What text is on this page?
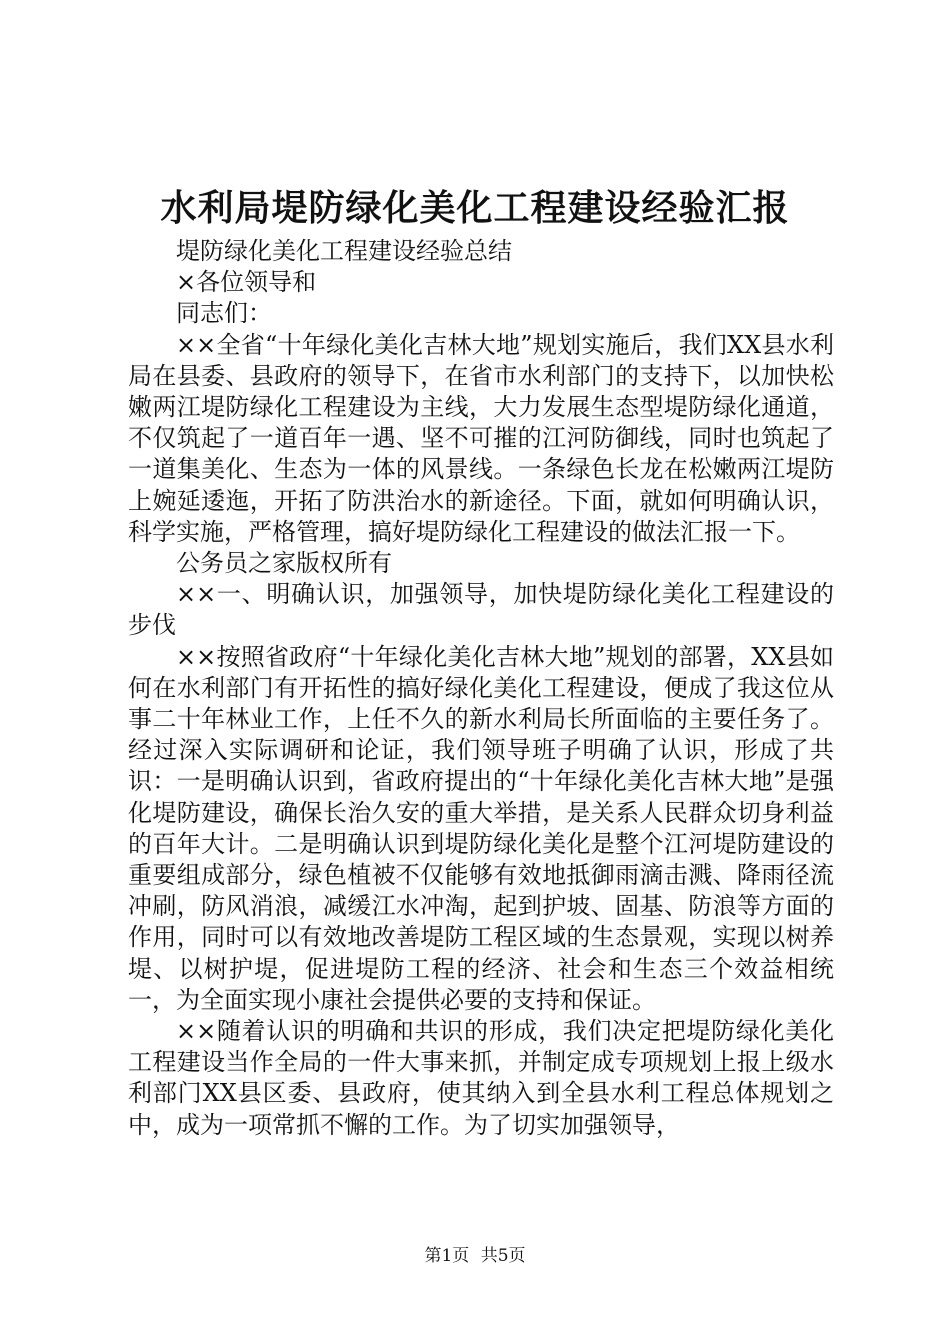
水利局堤防绿化美化工程建设经验汇报

堤防绿化美化工程建设经验总结

×各位领导和

同志们：

××全省“十年绿化美化吉林大地”规划实施后，我们XX县水利局在县委、县政府的领导下，在省市水利部门的支持下，以加快松嫩两江堤防绿化工程建设为主线，大力发展生态型堤防绿化通道，不仅筑起了一道百年一遇、坚不可摧的江河防御线，同时也筑起了一道集美化、生态为一体的风景线。一条绿色长龙在松嫩两江堤防上婉延逶迤，开拓了防洪治水的新途径。下面，就如何明确认识，科学实施，严格管理，搞好堤防绿化工程建设的做法汇报一下。

公务员之家版权所有

××一、明确认识，加强领导，加快堤防绿化美化工程建设的步伐

××按照省政府“十年绿化美化吉林大地”规划的部署，XX县如何在水利部门有开拓性的搞好绿化美化工程建设，便成了我这位从事二十年林业工作，上任不久的新水利局长所面临的主要任务了。经过深入实际调研和论证，我们领导班子明确了认识，形成了共识：一是明确认识到，省政府提出的“十年绿化美化吉林大地”是强化堤防建设，确保长治久安的重大举措，是关系人民群众切身利益的百年大计。二是明确认识到堤防绿化美化是整个江河堤防建设的重要组成部分，绿色植被不仅能够有效地抵御雨滴击溅、降雨径流冲刷，防风消浪，减缓江水冲淘，起到护坡、固基、防浪等方面的作用，同时可以有效地改善堤防工程区域的生态景观，实现以树养堤、以树护堤，促进堤防工程的经济、社会和生态三个效益相统一，为全面实现小康社会提供必要的支持和保证。

××随着认识的明确和共识的形成，我们决定把堤防绿化美化工程建设当作全局的一件大事来抓，并制定成专项规划上报上级水利部门XX县区委、县政府，使其纳入到全县水利工程总体规划之中，成为一项常抓不懈的工作。为了切实加强领导，

第1页 共5页
